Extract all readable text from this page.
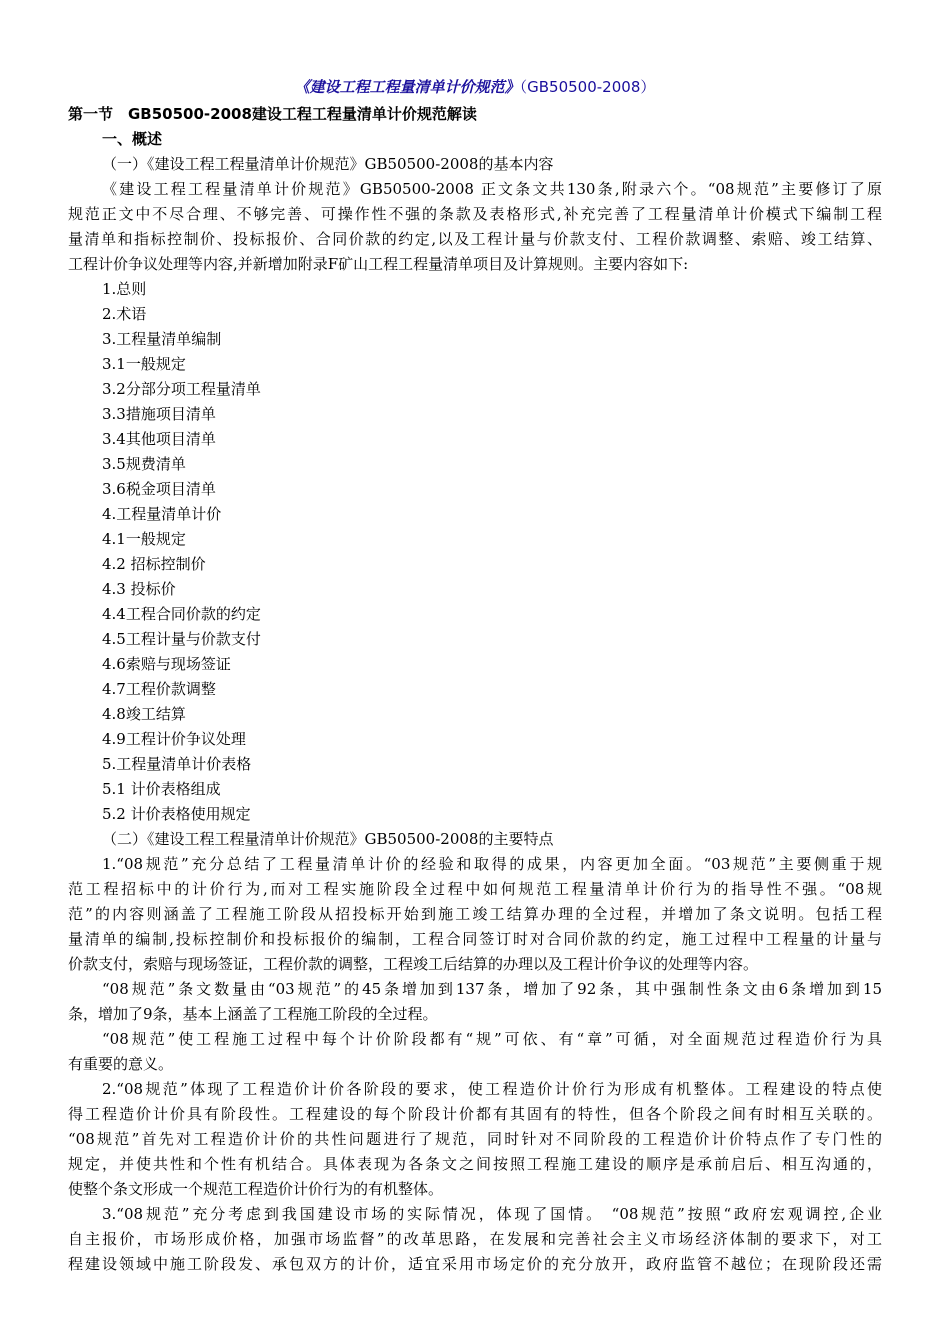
《建设工程工程量清单计价规范》（GB50500-2008）
第一节　GB50500-2008建设工程工程量清单计价规范解读
一、概述
（一）《建设工程工程量清单计价规范》GB50500-2008的基本内容
《建设工程工程量清单计价规范》GB50500-2008 正文条文共130条,附录六个。“08规范”主要修订了原
规范正文中不尽合理、不够完善、可操作性不强的条款及表格形式,补充完善了工程量清单计价模式下编制工程
量清单和指标控制价、投标报价、合同价款的约定,以及工程计量与价款支付、工程价款调整、索赔、竣工结算、
工程计价争议处理等内容,并新增加附录F矿山工程工程量清单项目及计算规则。主要内容如下:
1.总则
2.术语
3.工程量清单编制
3.1一般规定
3.2分部分项工程量清单
3.3措施项目清单
3.4其他项目清单
3.5规费清单
3.6税金项目清单
4.工程量清单计价
4.1一般规定
4.2 招标控制价
4.3 投标价
4.4工程合同价款的约定
4.5工程计量与价款支付
4.6索赔与现场签证
4.7工程价款调整
4.8竣工结算
4.9工程计价争议处理
5.工程量清单计价表格
5.1 计价表格组成
5.2 计价表格使用规定
（二）《建设工程工程量清单计价规范》GB50500-2008的主要特点
1.“08规范”充分总结了工程量清单计价的经验和取得的成果，内容更加全面。“03规范”主要侧重于规
范工程招标中的计价行为,而对工程实施阶段全过程中如何规范工程量清单计价行为的指导性不强。“08规
范”的内容则涵盖了工程施工阶段从招投标开始到施工竣工结算办理的全过程，并增加了条文说明。包括工程
量清单的编制,投标控制价和投标报价的编制，工程合同签订时对合同价款的约定，施工过程中工程量的计量与
价款支付，索赔与现场签证，工程价款的调整，工程竣工后结算的办理以及工程计价争议的处理等内容。
“08规范”条文数量由“03规范”的45条增加到137条，增加了92条，其中强制性条文由6条增加到15
条，增加了9条，基本上涵盖了工程施工阶段的全过程。
“08规范”使工程施工过程中每个计价阶段都有“规”可依、有“章”可循，对全面规范过程造价行为具
有重要的意义。
2.“08规范”体现了工程造价计价各阶段的要求，使工程造价计价行为形成有机整体。工程建设的特点使
得工程造价计价具有阶段性。工程建设的每个阶段计价都有其固有的特性，但各个阶段之间有时相互关联的。
“08规范”首先对工程造价计价的共性问题进行了规范，同时针对不同阶段的工程造价计价特点作了专门性的
规定，并使共性和个性有机结合。具体表现为各条文之间按照工程施工建设的顺序是承前启后、相互沟通的，
使整个条文形成一个规范工程造价计价行为的有机整体。
3.“08规范”充分考虑到我国建设市场的实际情况，体现了国情。 “08规范”按照“政府宏观调控,企业
自主报价，市场形成价格，加强市场监督”的改革思路，在发展和完善社会主义市场经济体制的要求下，对工
程建设领域中施工阶段发、承包双方的计价，适宜采用市场定价的充分放开，政府监管不越位；在现阶段还需
